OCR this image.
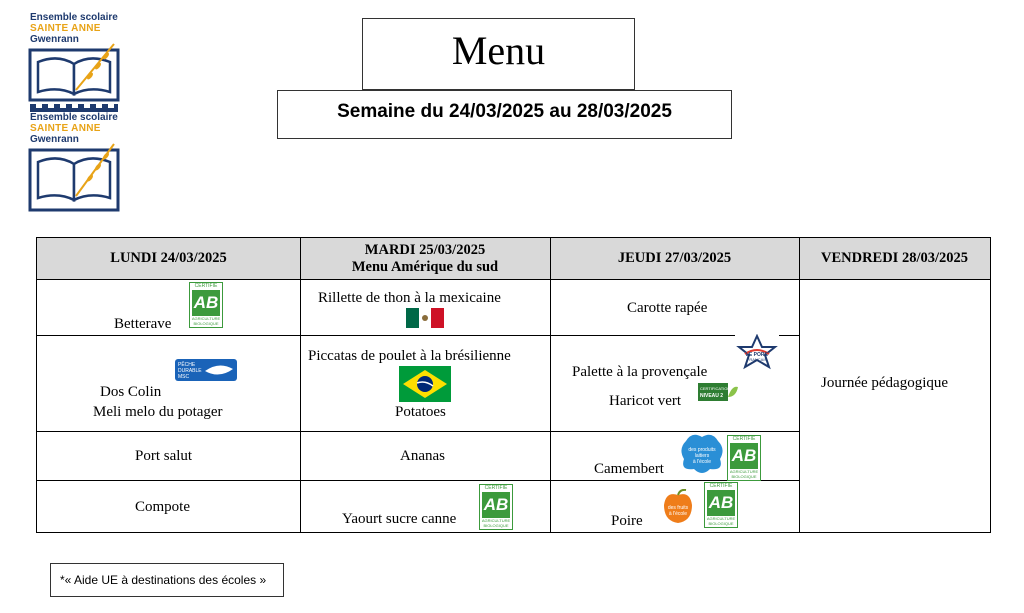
Ensemble scolaire
SAINTE ANNE
Gwenrann
Ensemble scolaire
SAINTE ANNE
Gwenrann
Menu
Semaine du 24/03/2025 au 28/03/2025
LUNDI 24/03/2025
MARDI 25/03/2025
Menu Amérique du sud
JEUDI 27/03/2025	VENDREDI 28/03/2025
Betterave
CERTIFIÉ
AB
AGRICULTURE BIOLOGIQUE
PÊCHE
DURABLE
MSC
Dos Colin
Meli melo du potager
Port salut
Compote
Rillette de thon à la mexicaine
Piccatas de poulet à la brésilienne
Potatoes
Ananas
Yaourt sucre canne
CERTIFIÉ
AB
AGRICULTURE BIOLOGIQUE
Carotte rapée
LE PORC
FRANÇAIS
Palette à la provençale
CERTIFICATION
NIVEAU 2
Haricot vert
des produits
laitiers
à l'école
CERTIFIÉ
AB
AGRICULTURE BIOLOGIQUE
Camembert
des fruits
à l'école
CERTIFIÉ
AB
AGRICULTURE BIOLOGIQUE
Poire
Journée pédagogique
*« Aide UE à destinations des écoles »
